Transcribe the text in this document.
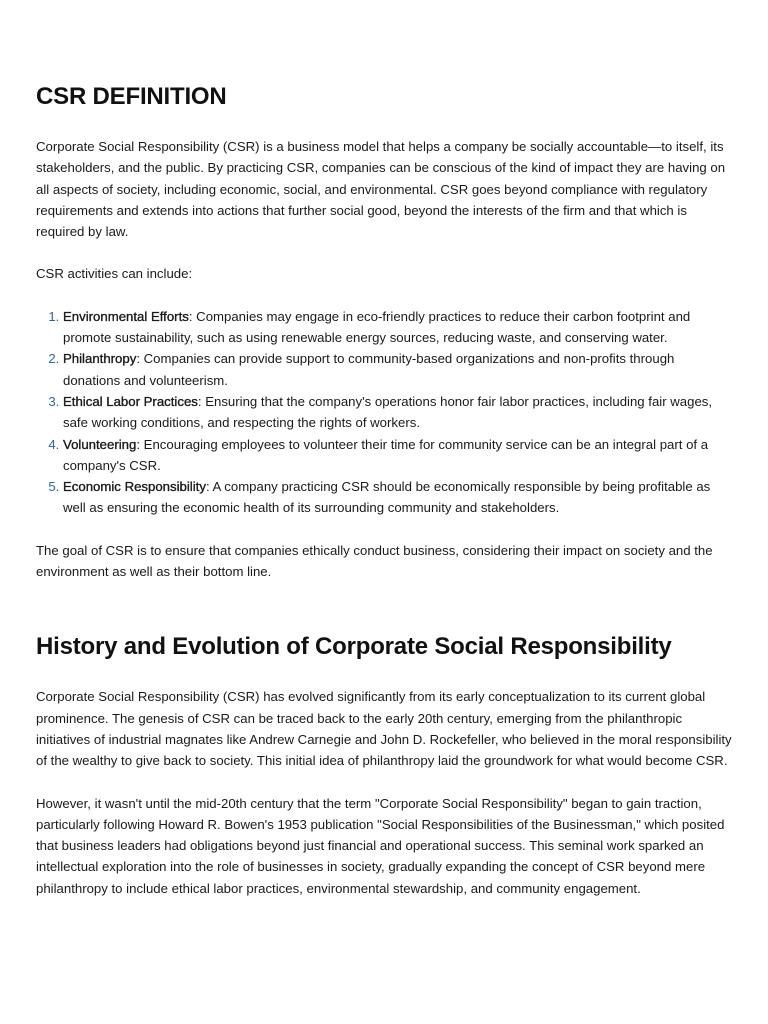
CSR DEFINITION

Corporate Social Responsibility (CSR) is a business model that helps a company be socially accountable—to itself, its stakeholders, and the public. By practicing CSR, companies can be conscious of the kind of impact they are having on all aspects of society, including economic, social, and environmental. CSR goes beyond compliance with regulatory requirements and extends into actions that further social good, beyond the interests of the firm and that which is required by law.

CSR activities can include:

1. Environmental Efforts: Companies may engage in eco-friendly practices to reduce their carbon footprint and promote sustainability, such as using renewable energy sources, reducing waste, and conserving water.
2. Philanthropy: Companies can provide support to community-based organizations and non-profits through donations and volunteerism.
3. Ethical Labor Practices: Ensuring that the company's operations honor fair labor practices, including fair wages, safe working conditions, and respecting the rights of workers.
4. Volunteering: Encouraging employees to volunteer their time for community service can be an integral part of a company's CSR.
5. Economic Responsibility: A company practicing CSR should be economically responsible by being profitable as well as ensuring the economic health of its surrounding community and stakeholders.

The goal of CSR is to ensure that companies ethically conduct business, considering their impact on society and the environment as well as their bottom line.

History and Evolution of Corporate Social Responsibility

Corporate Social Responsibility (CSR) has evolved significantly from its early conceptualization to its current global prominence. The genesis of CSR can be traced back to the early 20th century, emerging from the philanthropic initiatives of industrial magnates like Andrew Carnegie and John D. Rockefeller, who believed in the moral responsibility of the wealthy to give back to society. This initial idea of philanthropy laid the groundwork for what would become CSR.

However, it wasn't until the mid-20th century that the term "Corporate Social Responsibility" began to gain traction, particularly following Howard R. Bowen's 1953 publication "Social Responsibilities of the Businessman," which posited that business leaders had obligations beyond just financial and operational success. This seminal work sparked an intellectual exploration into the role of businesses in society, gradually expanding the concept of CSR beyond mere philanthropy to include ethical labor practices, environmental stewardship, and community engagement.
